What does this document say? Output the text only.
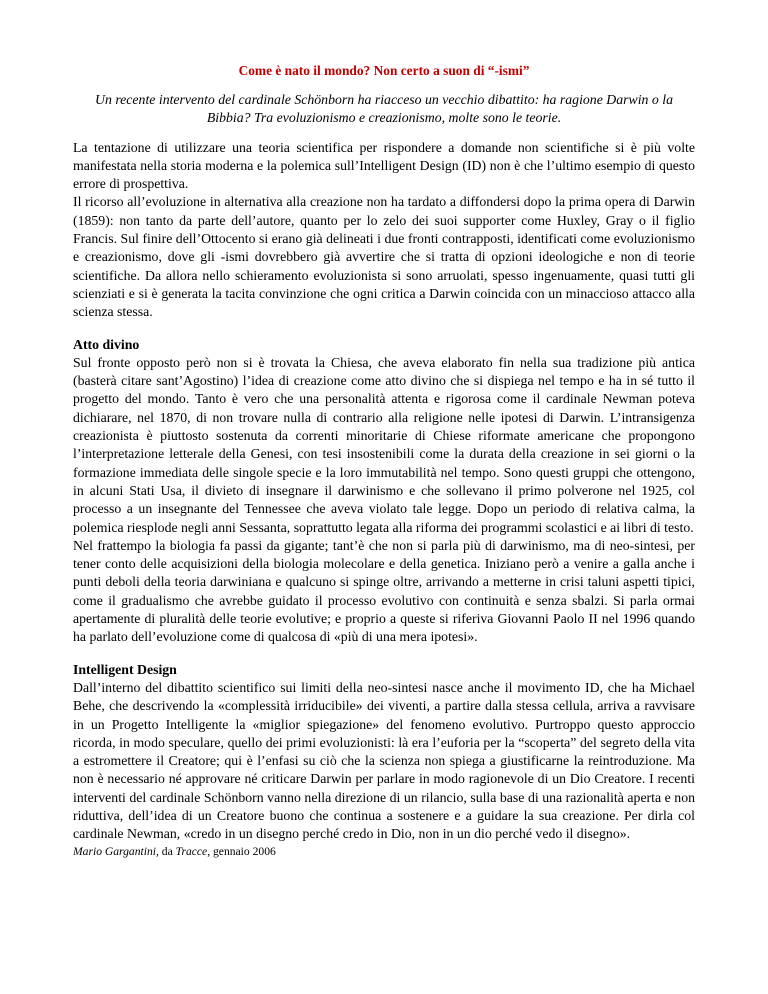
Come è nato il mondo? Non certo a suon di “-ismi”
Un recente intervento del cardinale Schönborn ha riacceso un vecchio dibattito: ha ragione Darwin o la Bibbia? Tra evoluzionismo e creazionismo, molte sono le teorie.

La tentazione di utilizzare una teoria scientifica per rispondere a domande non scientifiche si è più volte manifestata nella storia moderna e la polemica sull’Intelligent Design (ID) non è che l’ultimo esempio di questo errore di prospettiva.

Il ricorso all’evoluzione in alternativa alla creazione non ha tardato a diffondersi dopo la prima opera di Darwin (1859): non tanto da parte dell’autore, quanto per lo zelo dei suoi supporter come Huxley, Gray o il figlio Francis. Sul finire dell’Ottocento si erano già delineati i due fronti contrapposti, identificati come evoluzionismo e creazionismo, dove gli -ismi dovrebbero già avvertire che si tratta di opzioni ideologiche e non di teorie scientifiche. Da allora nello schieramento evoluzionista si sono arruolati, spesso ingenuamente, quasi tutti gli scienziati e si è generata la tacita convinzione che ogni critica a Darwin coincida con un minaccioso attacco alla scienza stessa.

Atto divino

Sul fronte opposto però non si è trovata la Chiesa, che aveva elaborato fin nella sua tradizione più antica (basterà citare sant’Agostino) l’idea di creazione come atto divino che si dispiega nel tempo e ha in sé tutto il progetto del mondo. Tanto è vero che una personalità attenta e rigorosa come il cardinale Newman poteva dichiarare, nel 1870, di non trovare nulla di contrario alla religione nelle ipotesi di Darwin. L’intransigenza creazionista è piuttosto sostenuta da correnti minoritarie di Chiese riformate americane che propongono l’interpretazione letterale della Genesi, con tesi insostenibili come la durata della creazione in sei giorni o la formazione immediata delle singole specie e la loro immutabilità nel tempo. Sono questi gruppi che ottengono, in alcuni Stati Usa, il divieto di insegnare il darwinismo e che sollevano il primo polverone nel 1925, col processo a un insegnante del Tennessee che aveva violato tale legge. Dopo un periodo di relativa calma, la polemica riesplode negli anni Sessanta, soprattutto legata alla riforma dei programmi scolastici e ai libri di testo.

Nel frattempo la biologia fa passi da gigante; tant’è che non si parla più di darwinismo, ma di neo-sintesi, per tener conto delle acquisizioni della biologia molecolare e della genetica. Iniziano però a venire a galla anche i punti deboli della teoria darwiniana e qualcuno si spinge oltre, arrivando a metterne in crisi taluni aspetti tipici, come il gradualismo che avrebbe guidato il processo evolutivo con continuità e senza sbalzi. Si parla ormai apertamente di pluralità delle teorie evolutive; e proprio a queste si riferiva Giovanni Paolo II nel 1996 quando ha parlato dell’evoluzione come di qualcosa di «più di una mera ipotesi».

Intelligent Design

Dall’interno del dibattito scientifico sui limiti della neo-sintesi nasce anche il movimento ID, che ha Michael Behe, che descrivendo la «complessità irriducibile» dei viventi, a partire dalla stessa cellula, arriva a ravvisare in un Progetto Intelligente la «miglior spiegazione» del fenomeno evolutivo. Purtroppo questo approccio ricorda, in modo speculare, quello dei primi evoluzionisti: là era l’euforia per la “scoperta” del segreto della vita a estromettere il Creatore; qui è l’enfasi su ciò che la scienza non spiega a giustificarne la reintroduzione. Ma non è necessario né approvare né criticare Darwin per parlare in modo ragionevole di un Dio Creatore. I recenti interventi del cardinale Schönborn vanno nella direzione di un rilancio, sulla base di una razionalità aperta e non riduttiva, dell’idea di un Creatore buono che continua a sostenere e a guidare la sua creazione. Per dirla col cardinale Newman, «credo in un disegno perché credo in Dio, non in un dio perché vedo il disegno».

Mario Gargantini, da Tracce, gennaio 2006
